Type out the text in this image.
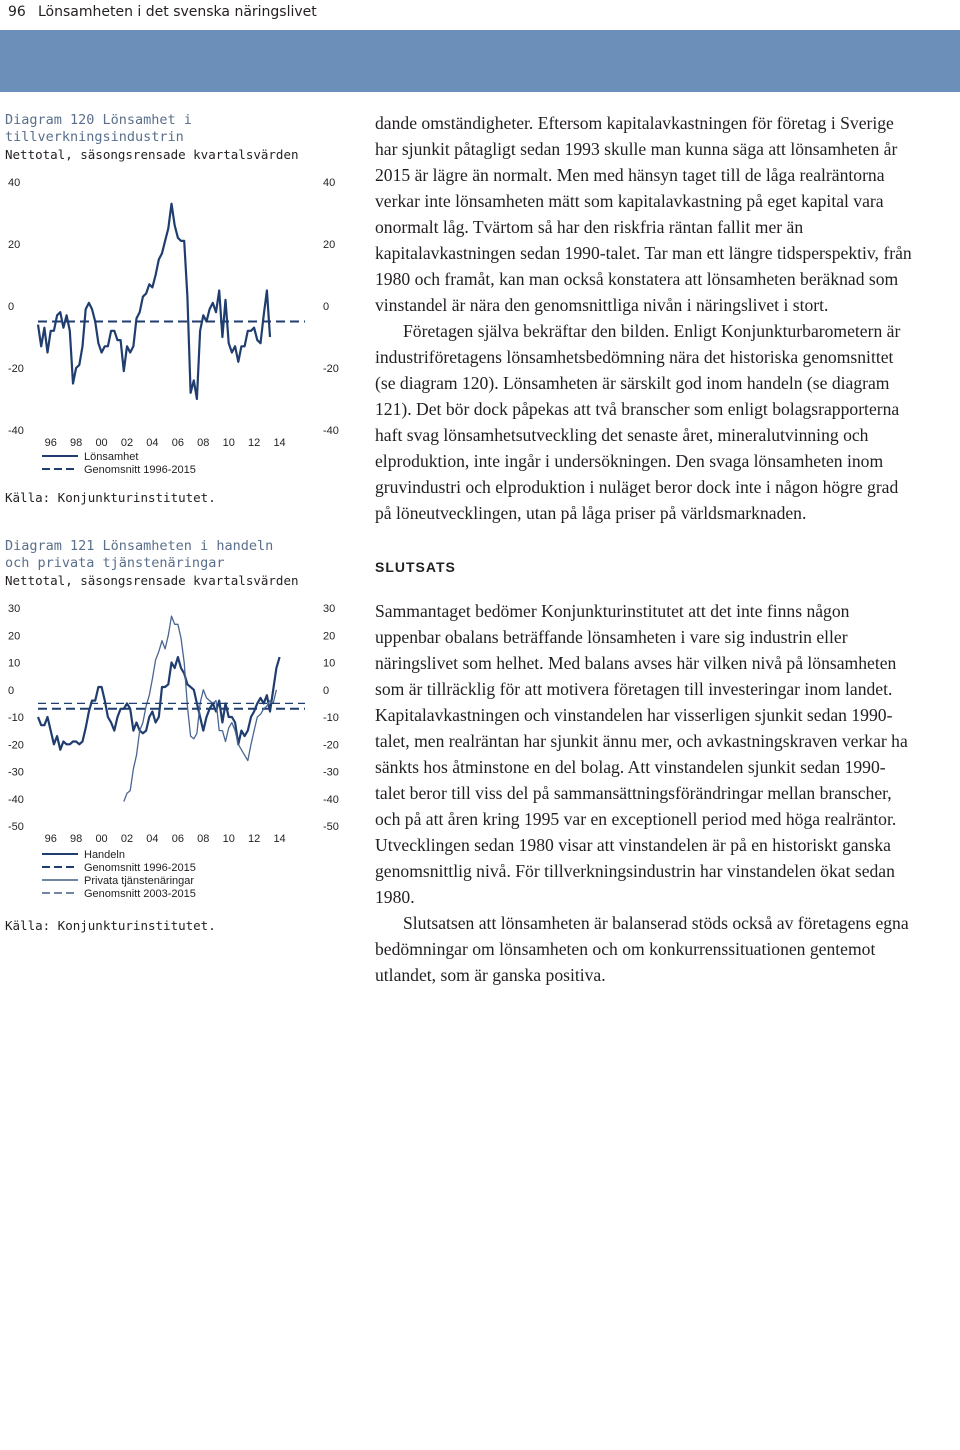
96 Lönsamheten i det svenska näringslivet
Diagram 120 Lönsamhet i
tillverkningsindustrin
Nettotal, säsongsrensade kvartalsvärden
40	40
20	20
0	0
-20	-20
-40	-40
96 98 00 02 04 06 08 10 12 14
Lönsamhet
Genomsnitt 1996-2015
Källa: Konjunkturinstitutet.
Diagram 121 Lönsamheten i handeln
och privata tjänstenäringar
Nettotal, säsongsrensade kvartalsvärden
30	30
20	20
10	10
0	0
-10	-10
-20	-20
-30	-30
-40	-40
-50	-50
96 98 00 02 04 06 08 10 12 14
Handeln
Genomsnitt 1996-2015
Privata tjänstenäringar
Genomsnitt 2003-2015
Källa: Konjunkturinstitutet.

dande omständigheter. Eftersom kapitalavkastningen för företag i Sverige har sjunkit påtagligt sedan 1993 skulle man kunna säga att lönsamheten år 2015 är lägre än normalt. Men med hänsyn taget till de låga realräntorna verkar inte lönsamheten mätt som kapitalavkastning på eget kapital vara onormalt låg. Tvärtom så har den riskfria räntan fallit mer än kapitalavkastningen sedan 1990-talet. Tar man ett längre tidsperspektiv, från 1980 och framåt, kan man också konstatera att lönsamheten beräknad som vinstandel är nära den genomsnittliga nivån i näringslivet i stort.

Företagen själva bekräftar den bilden. Enligt Konjunkturbarometern är industriföretagens lönsamhetsbedömning nära det historiska genomsnittet (se diagram 120). Lönsamheten är särskilt god inom handeln (se diagram 121). Det bör dock påpekas att två branscher som enligt bolagsrapporterna haft svag lönsamhetsutveckling det senaste året, mineralutvinning och elproduktion, inte ingår i undersökningen. Den svaga lönsamheten inom gruvindustri och elproduktion i nuläget beror dock inte i någon högre grad på löneutvecklingen, utan på låga priser på världsmarknaden.

SLUTSATS

Sammantaget bedömer Konjunkturinstitutet att det inte finns någon uppenbar obalans beträffande lönsamheten i vare sig industrin eller näringslivet som helhet. Med balans avses här vilken nivå på lönsamheten som är tillräcklig för att motivera företagen till investeringar inom landet. Kapitalavkastningen och vinstandelen har visserligen sjunkit sedan 1990-talet, men realräntan har sjunkit ännu mer, och avkastningskraven verkar ha sänkts hos åtminstone en del bolag. Att vinstandelen sjunkit sedan 1990-talet beror till viss del på sammansättningsförändringar mellan branscher, och på att åren kring 1995 var en exceptionell period med höga realräntor. Utvecklingen sedan 1980 visar att vinstandelen är på en historiskt ganska genomsnittlig nivå. För tillverkningsindustrin har vinstandelen ökat sedan 1980.

Slutsatsen att lönsamheten är balanserad stöds också av företagens egna bedömningar om lönsamheten och om konkurrenssituationen gentemot utlandet, som är ganska positiva.
